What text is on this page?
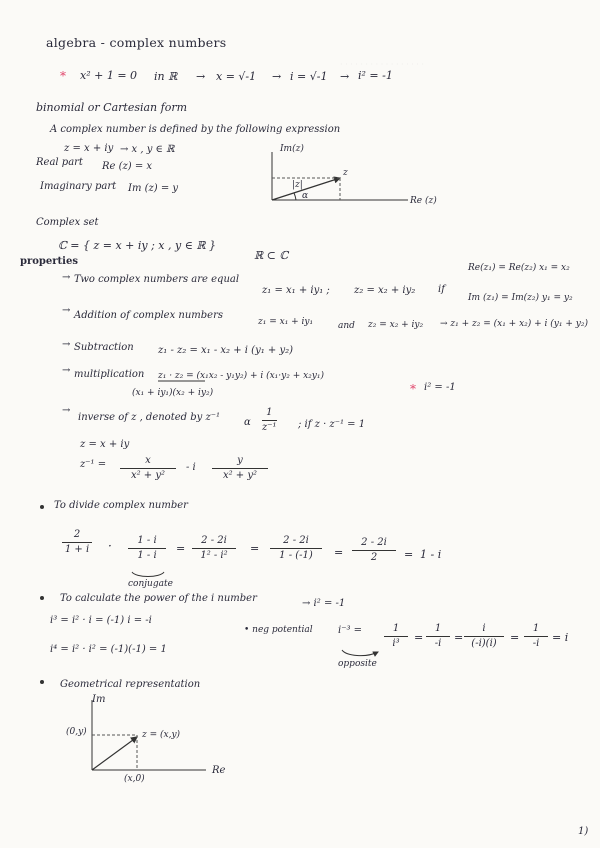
· · · · · · · · · · · · · · · · ·
algebra - complex numbers
* x² + 1 = 0 in ℝ → x = √-1 → i = √-1 → i² = -1
binomial or Cartesian form
A complex number is defined by the following expression
z = x + iy → x , y ∈ ℝ
Real part Re (z) = x
Imaginary part Im (z) = y
Im(z)
Re (z)
z
|z|
α
Complex set
ℂ = { z = x + iy ; x , y ∈ ℝ }
ℝ ⊂ ℂ
properties
→ Two complex numbers are equal
z₁ = x₁ + iy₁ ; z₂ = x₂ + iy₂ if
Re(z₁) = Re(z₂) x₁ = x₂
Im (z₁) = Im(z₂) y₁ = y₂
→ Addition of complex numbers
z₁ = x₁ + iy₁	and z₂ = x₂ + iy₂ → z₁ + z₂ = (x₁ + x₂) + i (y₁ + y₂)
→ Subtraction z₁ - z₂ = x₁ - x₂ + i (y₁ + y₂)
→ multiplication z₁ · z₂ = (x₁x₂ - y₁y₂) + i (x₁·y₂ + x₂y₁)
* i² = -1
(x₁ + iy₁)(x₂ + iy₂)
→
inverse of z , denoted by z⁻¹ α
1
z⁻¹ ; if z · z⁻¹ = 1
z = x + iy
z⁻¹ =	x
x² + y²
- i
y
x² + y²
To divide complex number
2
1 + i ·	1 - i
1 - i
=
2 - 2i
1² - i²
=
2 - 2i
1 - (-1) =
2 - 2i
2 = 1 - i
conjugate
To calculate the power of the i number	→ i² = -1
i³ = i² · i = (-1) i = -i
i⁴ = i² · i² = (-1)(-1) = 1
• neg potential	i⁻³ =	1
i³ =
1
-i =
i
(-i)(i) =
1
-i = i
opposite
Geometrical representation
Im
(0,y)	z = (x,y)
(x,0)
Re
1)
